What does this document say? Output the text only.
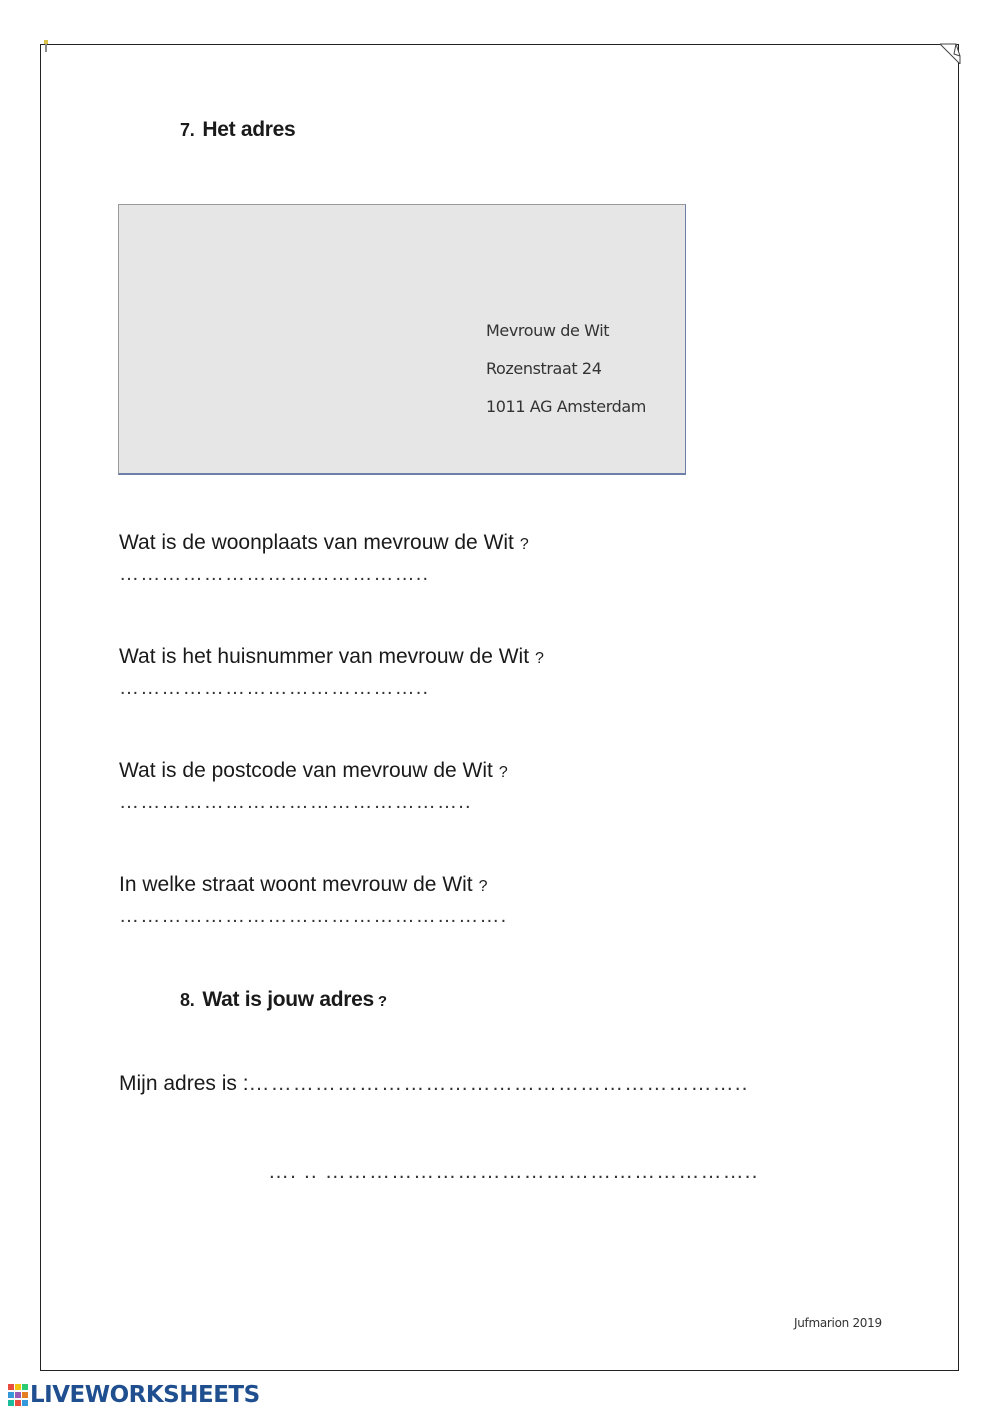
7. Het adres
Mevrouw de Wit
Rozenstraat 24
1011 AG Amsterdam
Wat is de woonplaats van mevrouw de Wit ?
……………………………………..
Wat is het huisnummer van mevrouw de Wit ?
……………………………………..
Wat is de postcode van mevrouw de Wit ?
…………………………………………..
In welke straat woont mevrouw de Wit ?
……………………………………………….
8. Wat is jouw adres ?
Mijn adres is :…………………………………………………………..
…. .. …………………………………………………..
Jufmarion 2019
LIVEWORKSHEETS
